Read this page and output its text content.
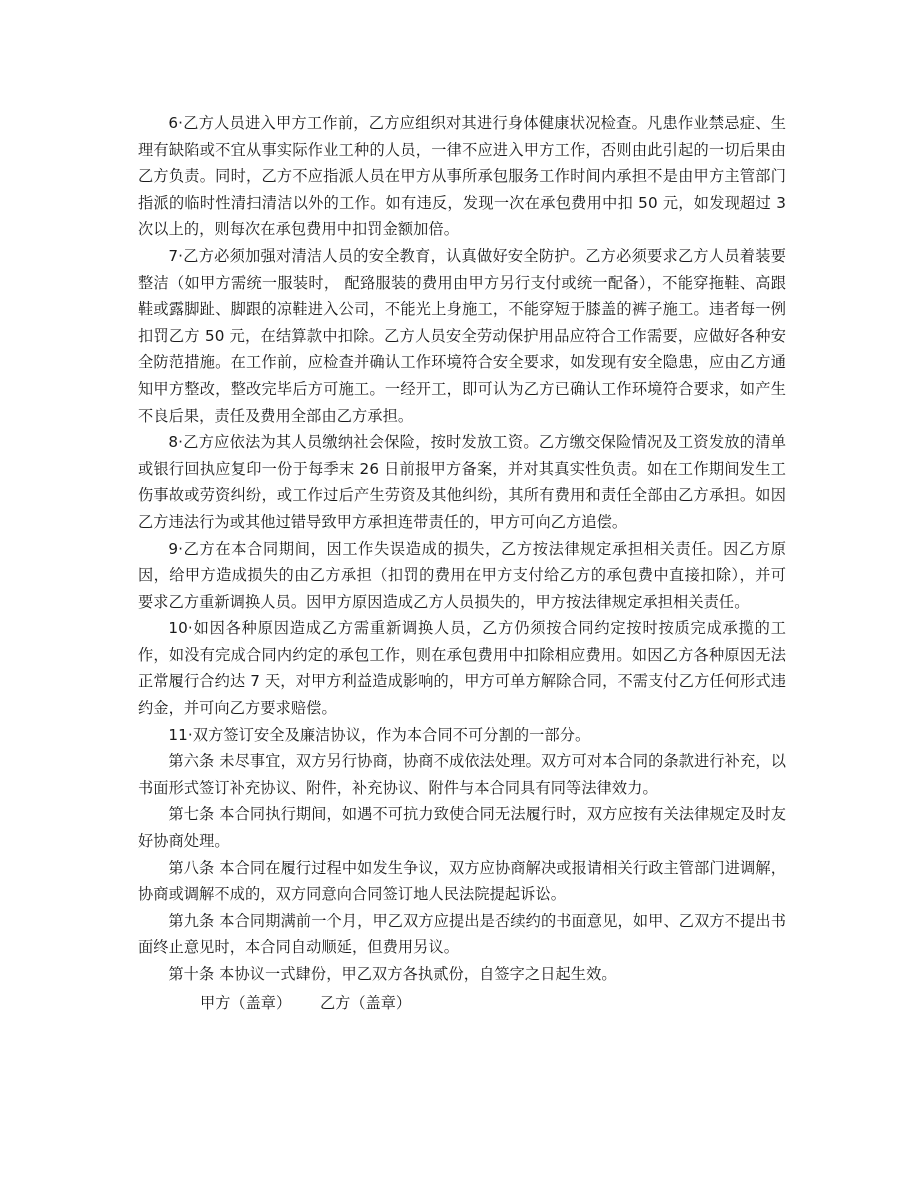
6·乙方人员进入甲方工作前，乙方应组织对其进行身体健康状况检查。凡患作业禁忌症、生理有缺陷或不宜从事实际作业工种的人员，一律不应进入甲方工作，否则由此引起的一切后果由乙方负责。同时，乙方不应指派人员在甲方从事所承包服务工作时间内承担不是由甲方主管部门指派的临时性清扫清洁以外的工作。如有违反，发现一次在承包费用中扣 50 元，如发现超过 3 次以上的，则每次在承包费用中扣罚金额加倍。

7·乙方必须加强对清洁人员的安全教育，认真做好安全防护。乙方必须要求乙方人员着装要整洁（如甲方需统一服装时， 配臵服装的费用由甲方另行支付或统一配备），不能穿拖鞋、高跟鞋或露脚趾、脚跟的凉鞋进入公司，不能光上身施工，不能穿短于膝盖的裤子施工。违者每一例扣罚乙方 50 元，在结算款中扣除。乙方人员安全劳动保护用品应符合工作需要，应做好各种安全防范措施。在工作前，应检查并确认工作环境符合安全要求，如发现有安全隐患，应由乙方通知甲方整改，整改完毕后方可施工。一经开工，即可认为乙方已确认工作环境符合要求，如产生不良后果，责任及费用全部由乙方承担。

8·乙方应依法为其人员缴纳社会保险，按时发放工资。乙方缴交保险情况及工资发放的清单或银行回执应复印一份于每季末 26 日前报甲方备案，并对其真实性负责。如在工作期间发生工伤事故或劳资纠纷，或工作过后产生劳资及其他纠纷，其所有费用和责任全部由乙方承担。如因乙方违法行为或其他过错导致甲方承担连带责任的，甲方可向乙方追偿。

9·乙方在本合同期间，因工作失误造成的损失，乙方按法律规定承担相关责任。因乙方原因，给甲方造成损失的由乙方承担（扣罚的费用在甲方支付给乙方的承包费中直接扣除），并可要求乙方重新调换人员。因甲方原因造成乙方人员损失的，甲方按法律规定承担相关责任。

10·如因各种原因造成乙方需重新调换人员，乙方仍须按合同约定按时按质完成承揽的工作，如没有完成合同内约定的承包工作，则在承包费用中扣除相应费用。如因乙方各种原因无法正常履行合约达 7 天，对甲方利益造成影响的，甲方可单方解除合同，不需支付乙方任何形式违约金，并可向乙方要求赔偿。

11·双方签订安全及廉洁协议，作为本合同不可分割的一部分。

第六条 未尽事宜，双方另行协商，协商不成依法处理。双方可对本合同的条款进行补充，以书面形式签订补充协议、附件，补充协议、附件与本合同具有同等法律效力。

第七条 本合同执行期间，如遇不可抗力致使合同无法履行时，双方应按有关法律规定及时友好协商处理。

第八条 本合同在履行过程中如发生争议，双方应协商解决或报请相关行政主管部门进调解，协商或调解不成的，双方同意向合同签订地人民法院提起诉讼。

第九条 本合同期满前一个月，甲乙双方应提出是否续约的书面意见，如甲、乙双方不提出书面终止意见时，本合同自动顺延，但费用另议。

第十条 本协议一式肆份，甲乙双方各执贰份，自签字之日起生效。

甲方（盖章） 乙方（盖章）
